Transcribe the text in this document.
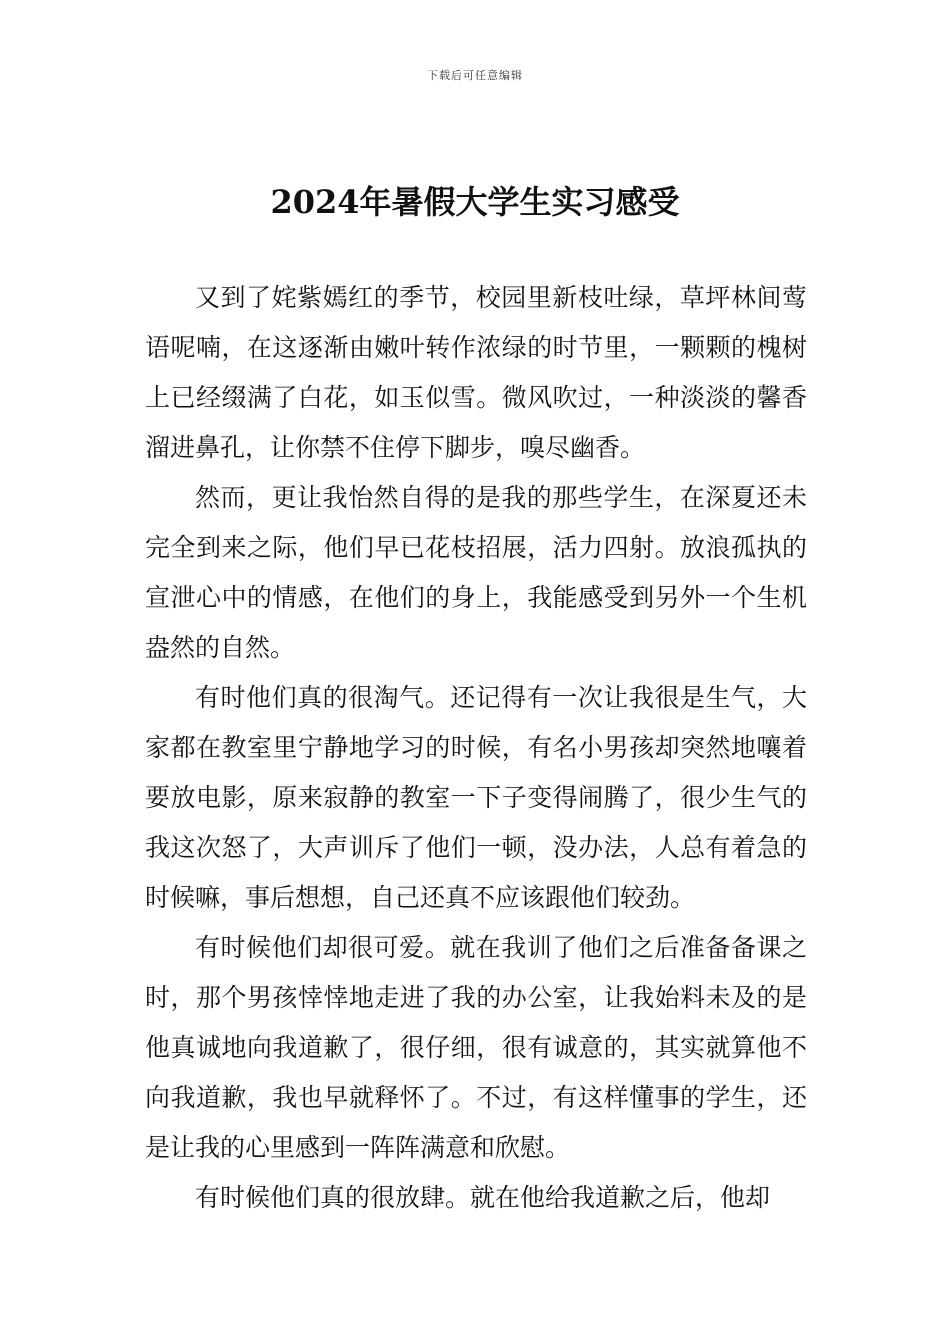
下载后可任意编辑
2024年暑假大学生实习感受

又到了姹紫嫣红的季节，校园里新枝吐绿，草坪林间莺语呢喃，在这逐渐由嫩叶转作浓绿的时节里，一颗颗的槐树上已经缀满了白花，如玉似雪。微风吹过，一种淡淡的馨香溜进鼻孔，让你禁不住停下脚步，嗅尽幽香。

然而，更让我怡然自得的是我的那些学生，在深夏还未完全到来之际，他们早已花枝招展，活力四射。放浪孤执的宣泄心中的情感，在他们的身上，我能感受到另外一个生机盎然的自然。

有时他们真的很淘气。还记得有一次让我很是生气，大家都在教室里宁静地学习的时候，有名小男孩却突然地嚷着要放电影，原来寂静的教室一下子变得闹腾了，很少生气的我这次怒了，大声训斥了他们一顿，没办法，人总有着急的时候嘛，事后想想，自己还真不应该跟他们较劲。

有时候他们却很可爱。就在我训了他们之后准备备课之时，那个男孩悻悻地走进了我的办公室，让我始料未及的是他真诚地向我道歉了，很仔细，很有诚意的，其实就算他不向我道歉，我也早就释怀了。不过，有这样懂事的学生，还是让我的心里感到一阵阵满意和欣慰。

有时候他们真的很放肆。就在他给我道歉之后，他却
